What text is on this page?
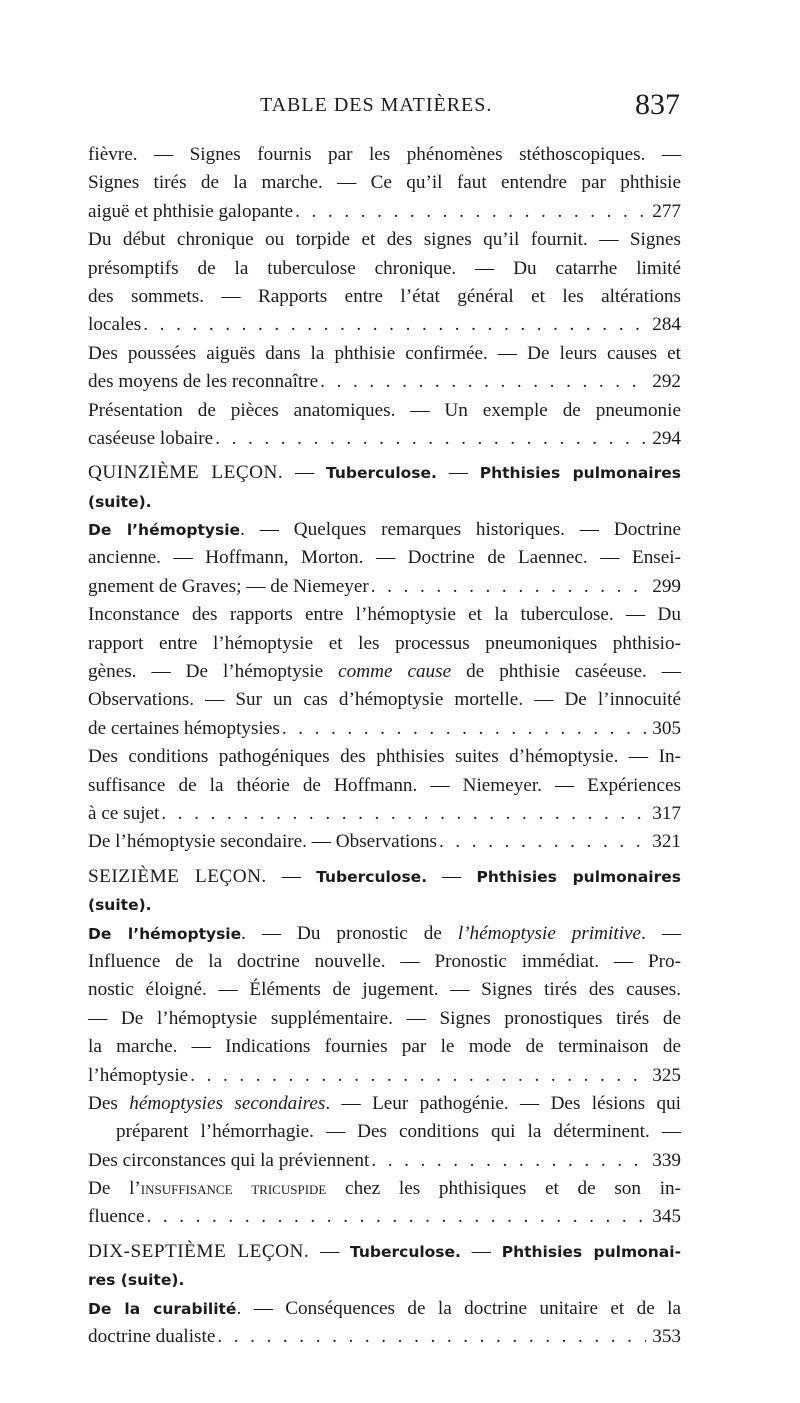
TABLE DES MATIÈRES.	837
fièvre. — Signes fournis par les phénomènes stéthoscopiques. —
Signes tirés de la marche. — Ce qu’il faut entendre par phthisie
aiguë et phthisie galopante . . .	277
Du début chronique ou torpide et des signes qu’il fournit. — Signes
présomptifs de la tuberculose chronique. — Du catarrhe limité
des sommets. — Rapports entre l’état général et les altérations
locales . . .	284
Des poussées aiguës dans la phthisie confirmée. — De leurs causes et
des moyens de les reconnaître . . .	292
Présentation de pièces anatomiques. — Un exemple de pneumonie
caséeuse lobaire . . .	294
QUINZIÈME LEÇON. — Tuberculose. — Phthisies pulmonaires
(suite).
De l’hémoptysie. — Quelques remarques historiques. — Doctrine
ancienne. — Hoffmann, Morton. — Doctrine de Laennec. — Ensei-
gnement de Graves; — de Niemeyer . . .	299
Inconstance des rapports entre l’hémoptysie et la tuberculose. — Du
rapport entre l’hémoptysie et les processus pneumoniques phthisio-
gènes. — De l’hémoptysie comme cause de phthisie caséeuse. —
Observations. — Sur un cas d’hémoptysie mortelle. — De l’innocuité
de certaines hémoptysies . . .	305
Des conditions pathogéniques des phthisies suites d’hémoptysie. — In-
suffisance de la théorie de Hoffmann. — Niemeyer. — Expériences
à ce sujet . . .	317
De l’hémoptysie secondaire. — Observations . . .	321
SEIZIÈME LEÇON. — Tuberculose. — Phthisies pulmonaires
(suite).
De l’hémoptysie. — Du pronostic de l’hémoptysie primitive. —
Influence de la doctrine nouvelle. — Pronostic immédiat. — Pro-
nostic éloigné. — Éléments de jugement. — Signes tirés des causes.
— De l’hémoptysie supplémentaire. — Signes pronostiques tirés de
la marche. — Indications fournies par le mode de terminaison de
l’hémoptysie . . .	325
Des hémoptysies secondaires. — Leur pathogénie. — Des lésions qui
préparent l’hémorrhagie. — Des conditions qui la déterminent. —
Des circonstances qui la préviennent . . .	339
De l’insuffisance tricuspide chez les phthisiques et de son in-
fluence . . .	345
DIX-SEPTIÈME LEÇON. — Tuberculose. — Phthisies pulmonai-
res (suite).
De la curabilité. — Conséquences de la doctrine unitaire et de la
doctrine dualiste . . .	353
